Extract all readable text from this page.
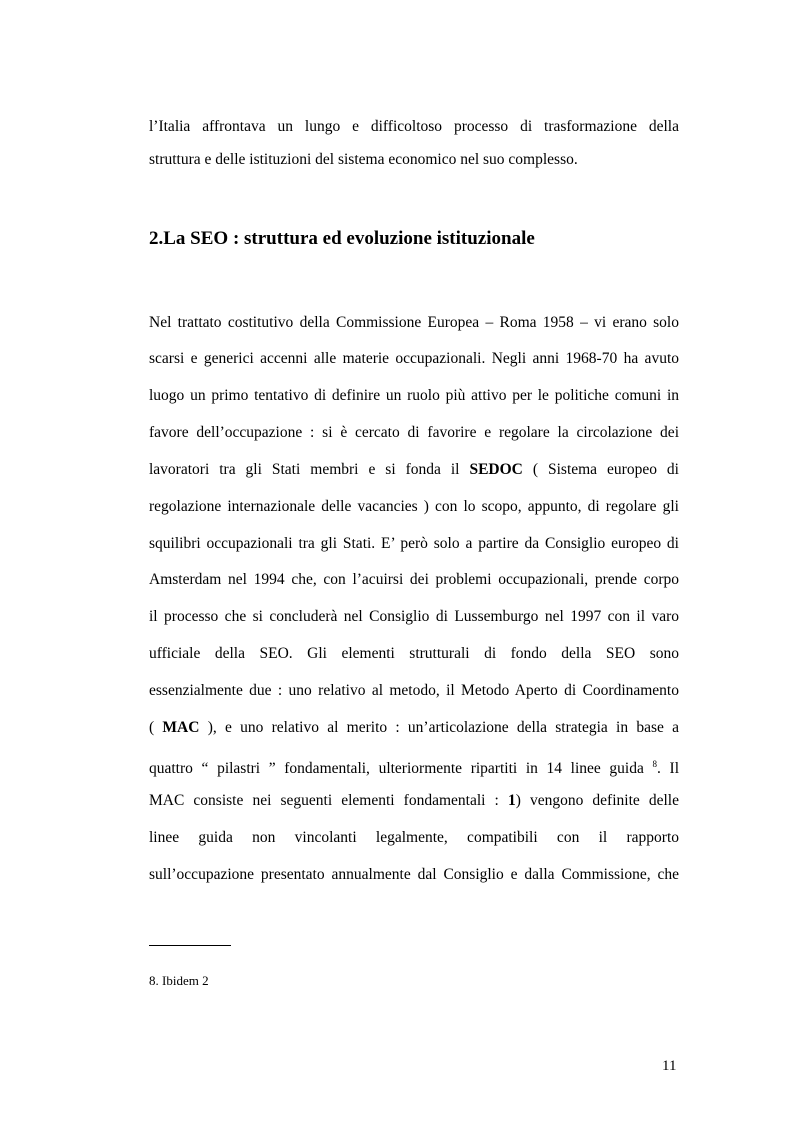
l’Italia affrontava un lungo e difficoltoso processo di trasformazione della
struttura e delle istituzioni del sistema economico nel suo complesso.
2.La SEO : struttura ed evoluzione istituzionale
Nel trattato costitutivo della Commissione Europea – Roma 1958 – vi erano solo
scarsi e generici accenni alle materie occupazionali. Negli anni 1968-70 ha avuto
luogo un primo tentativo di definire un ruolo più attivo per le politiche comuni in
favore dell’occupazione : si è cercato di favorire e regolare la circolazione dei
lavoratori tra gli Stati membri e si fonda il SEDOC ( Sistema europeo di
regolazione internazionale delle vacancies ) con lo scopo, appunto, di regolare gli
squilibri occupazionali tra gli Stati. E’ però solo a partire da Consiglio europeo di
Amsterdam nel 1994 che, con l’acuirsi dei problemi occupazionali, prende corpo
il processo che si concluderà nel Consiglio di Lussemburgo nel 1997 con il varo
ufficiale della SEO. Gli elementi strutturali di fondo della SEO sono
essenzialmente due : uno relativo al metodo, il Metodo Aperto di Coordinamento
( MAC ), e uno relativo al merito : un’articolazione della strategia in base a
quattro “ pilastri ” fondamentali, ulteriormente ripartiti in 14 linee guida $^8$. Il
MAC consiste nei seguenti elementi fondamentali : 1) vengono definite delle
linee guida non vincolanti legalmente, compatibili con il rapporto
sull’occupazione presentato annualmente dal Consiglio e dalla Commissione, che
8. Ibidem 2
11
